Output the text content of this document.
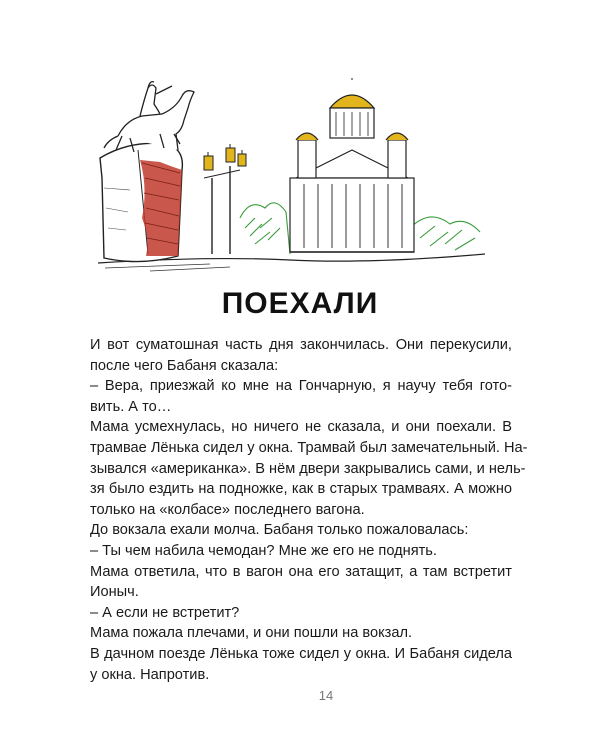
ПОЕХАЛИ
И вот суматошная часть дня закончилась. Они перекусили,
после чего Бабаня сказала:
– Вера, приезжай ко мне на Гончарную, я научу тебя гото-
вить. А то…
Мама усмехнулась, но ничего не сказала, и они поехали. В
трамвае Лёнька сидел у окна. Трамвай был замечательный. На-
зывался «американка». В нём двери закрывались сами, и нель-
зя было ездить на подножке, как в старых трамваях. А можно
только на «колбасе» последнего вагона.
До вокзала ехали молча. Бабаня только пожаловалась:
– Ты чем набила чемодан? Мне же его не поднять.
Мама ответила, что в вагон она его затащит, а там встретит
Ионыч.
– А если не встретит?
Мама пожала плечами, и они пошли на вокзал.
В дачном поезде Лёнька тоже сидел у окна. И Бабаня сидела
у окна. Напротив.
14
